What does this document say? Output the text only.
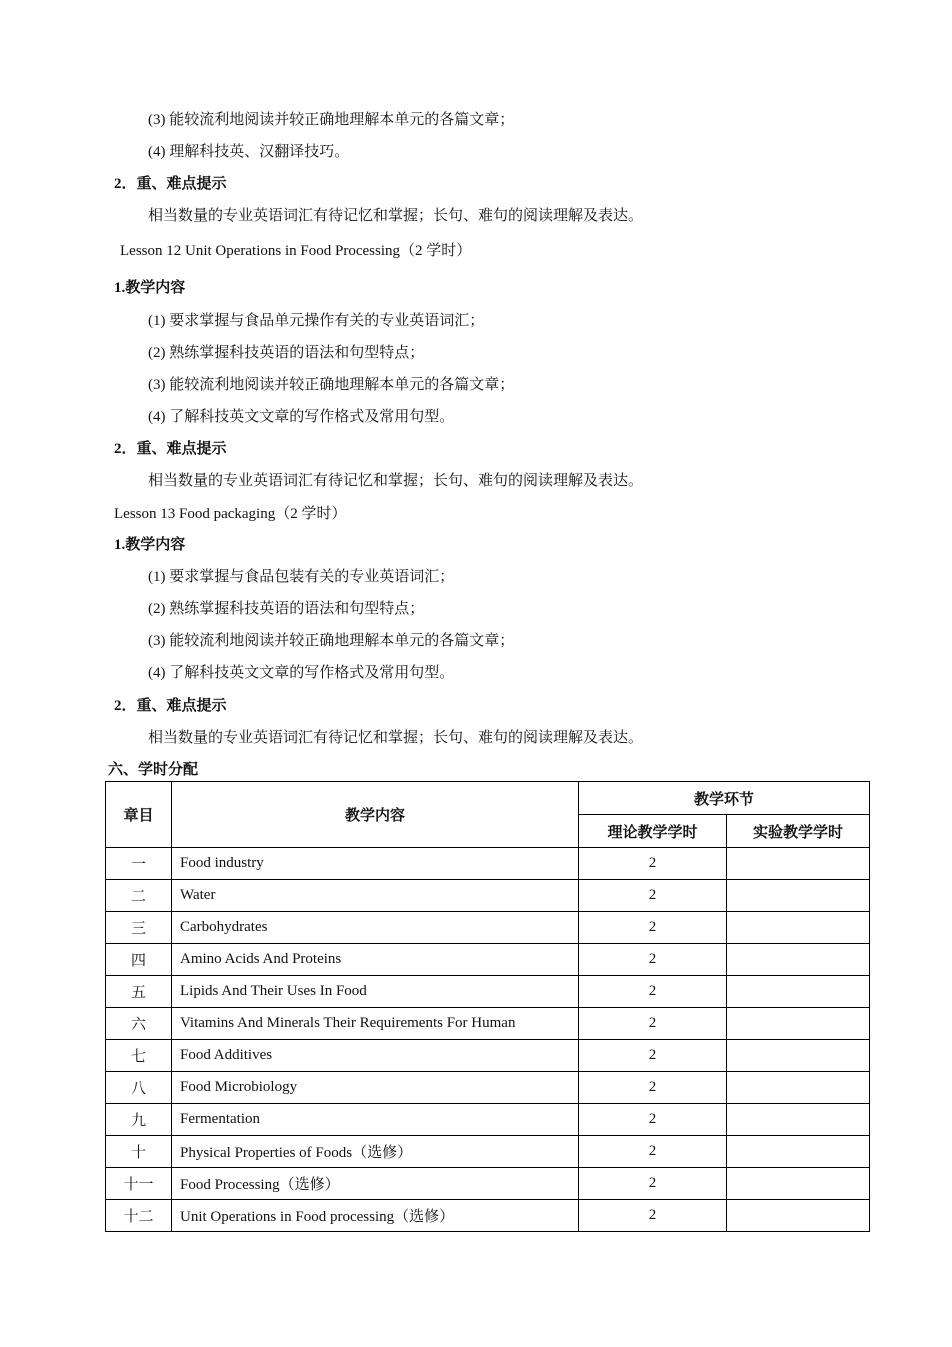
(3) 能较流利地阅读并较正确地理解本单元的各篇文章；
(4) 理解科技英、汉翻译技巧。
2．重、难点提示
相当数量的专业英语词汇有待记忆和掌握；长句、难句的阅读理解及表达。
Lesson 12 Unit Operations in Food Processing（2 学时）
1.教学内容
(1) 要求掌握与食品单元操作有关的专业英语词汇；
(2) 熟练掌握科技英语的语法和句型特点；
(3) 能较流利地阅读并较正确地理解本单元的各篇文章；
(4) 了解科技英文文章的写作格式及常用句型。
2．重、难点提示
相当数量的专业英语词汇有待记忆和掌握；长句、难句的阅读理解及表达。
Lesson 13 Food packaging（2 学时）
1.教学内容
(1) 要求掌握与食品包装有关的专业英语词汇；
(2) 熟练掌握科技英语的语法和句型特点；
(3) 能较流利地阅读并较正确地理解本单元的各篇文章；
(4) 了解科技英文文章的写作格式及常用句型。
2．重、难点提示
相当数量的专业英语词汇有待记忆和掌握；长句、难句的阅读理解及表达。
六、学时分配
章目	教学内容	教学环节	
		理论教学学时	实验教学学时
一	Food industry	2	
二	Water	2	
三	Carbohydrates	2	
四	Amino Acids And Proteins	2	
五	Lipids And Their Uses In Food	2	
六	Vitamins And Minerals Their Requirements For Human	2	
七	Food Additives	2	
八	Food Microbiology	2	
九	Fermentation	2	
十	Physical Properties of Foods（选修）	2	
十一	Food Processing（选修）	2	
十二	Unit Operations in Food processing（选修）	2	
